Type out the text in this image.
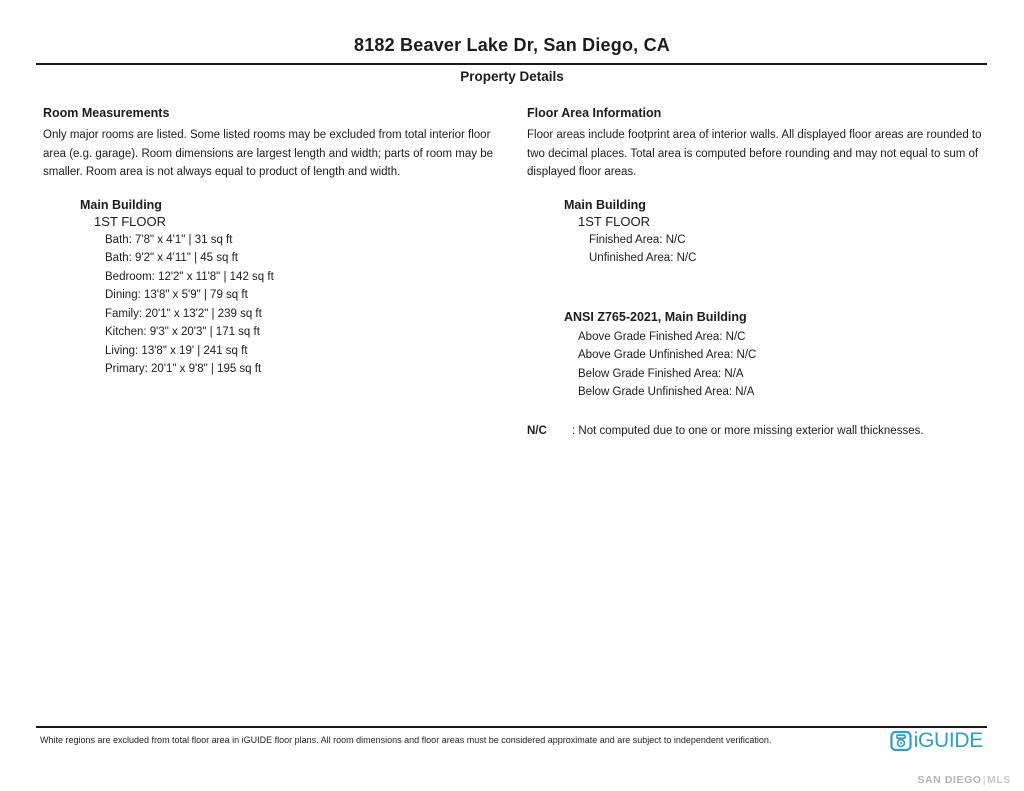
8182 Beaver Lake Dr, San Diego, CA
Property Details
Room Measurements
Only major rooms are listed. Some listed rooms may be excluded from total interior floor area (e.g. garage). Room dimensions are largest length and width; parts of room may be smaller. Room area is not always equal to product of length and width.
Main Building
1ST FLOOR
Bath: 7'8" x 4'1" | 31 sq ft
Bath: 9'2" x 4'11" | 45 sq ft
Bedroom: 12'2" x 11'8" | 142 sq ft
Dining: 13'8" x 5'9" | 79 sq ft
Family: 20'1" x 13'2" | 239 sq ft
Kitchen: 9'3" x 20'3" | 171 sq ft
Living: 13'8" x 19' | 241 sq ft
Primary: 20'1" x 9'8" | 195 sq ft
Floor Area Information
Floor areas include footprint area of interior walls. All displayed floor areas are rounded to two decimal places. Total area is computed before rounding and may not equal to sum of displayed floor areas.
Main Building
1ST FLOOR
Finished Area: N/C
Unfinished Area: N/C
ANSI Z765-2021, Main Building
Above Grade Finished Area: N/C
Above Grade Unfinished Area: N/C
Below Grade Finished Area: N/A
Below Grade Unfinished Area: N/A
N/C : Not computed due to one or more missing exterior wall thicknesses.
White regions are excluded from total floor area in iGUIDE floor plans. All room dimensions and floor areas must be considered approximate and are subject to independent verification.	iGUIDE
SAN DIEGO|MLS
